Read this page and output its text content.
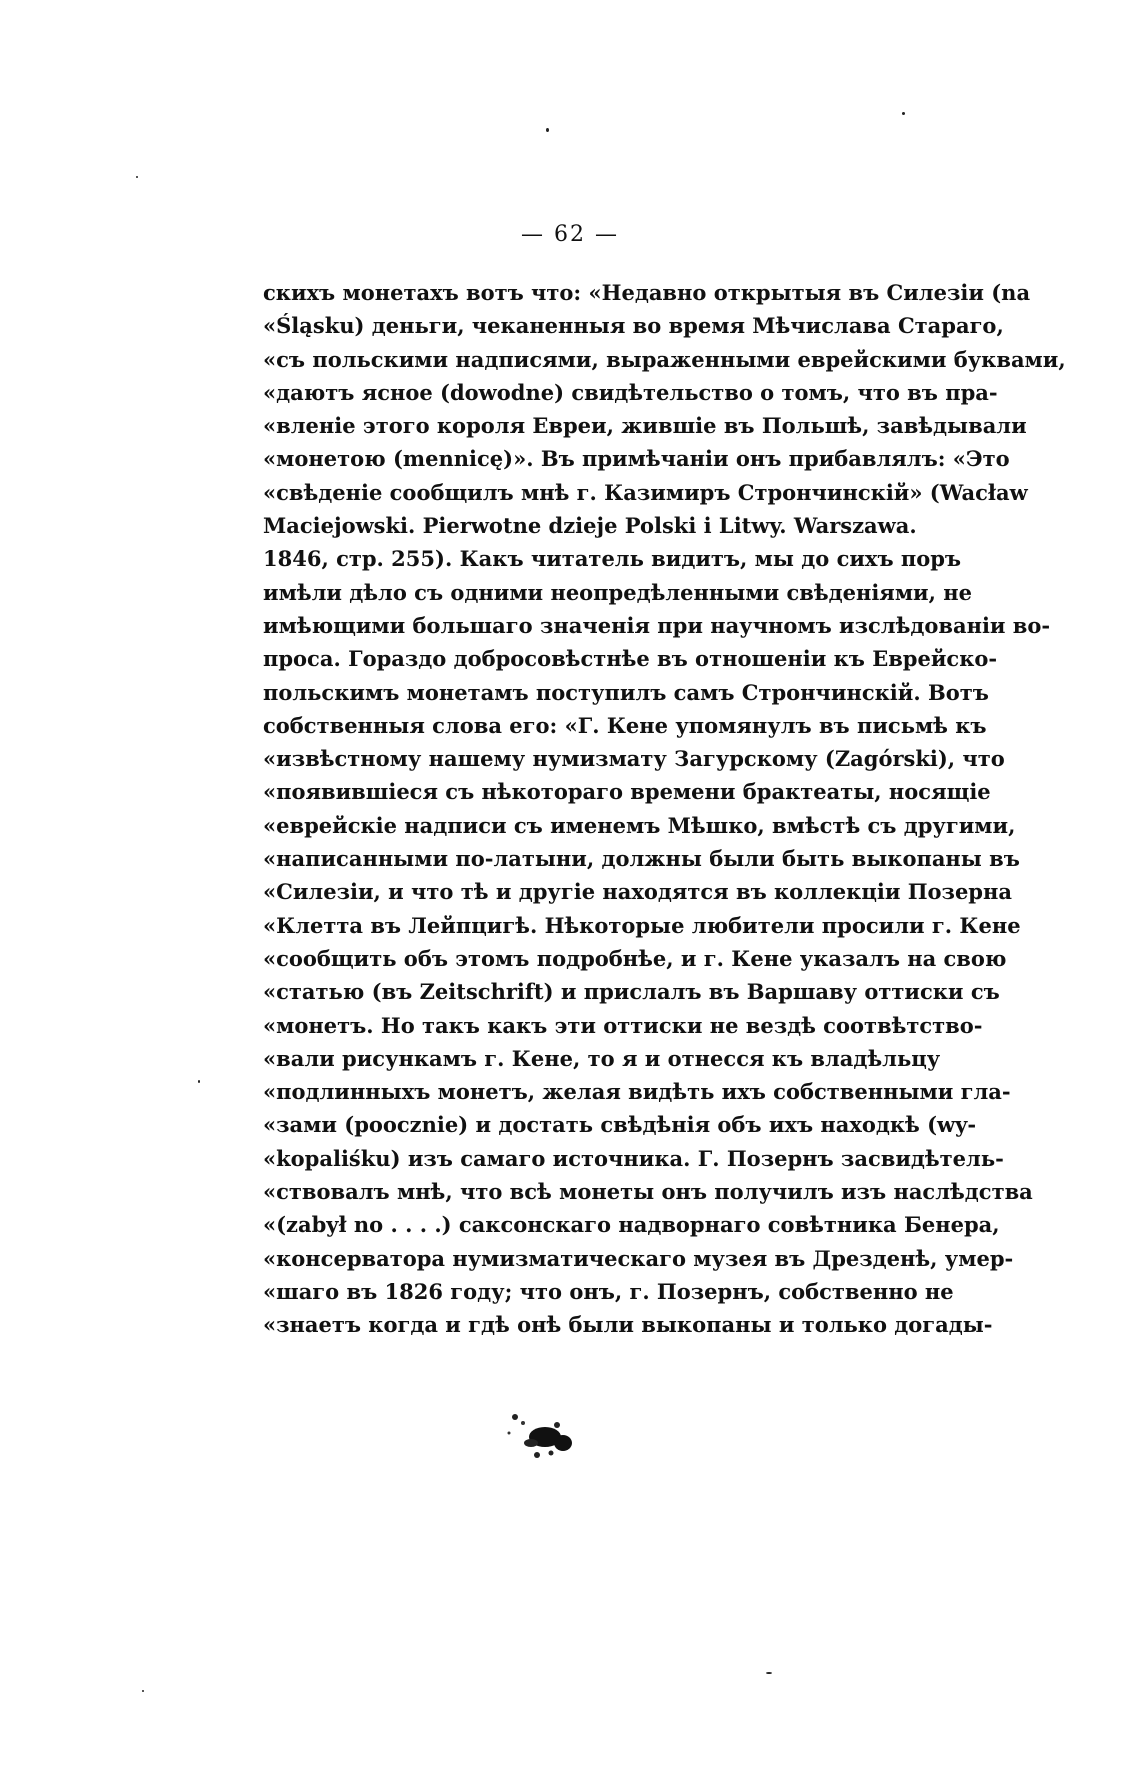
— 62 —
скихъ монетахъ вотъ что: «Недавно открытыя въ Силезіи (na
«Śląsku) деньги, чеканенныя во время Мѣчислава Стараго,
«съ польскими надписями, выраженными еврейскими буквами,
«даютъ ясное (dowodne) свидѣтельство о томъ, что въ пра-
«вленіе этого короля Евреи, жившіе въ Польшѣ, завѣдывали
«монетою (mennicę)». Въ примѣчаніи онъ прибавлялъ: «Это
«свѣденіе сообщилъ мнѣ г. Казимиръ Стрончинскій» (Wacław
Maciejowski. Pierwotne dzieje Polski i Litwy. Warszawa.
1846, стр. 255). Какъ читатель видитъ, мы до сихъ поръ
имѣли дѣло съ одними неопредѣленными свѣденіями, не
имѣющими большаго значенія при научномъ изслѣдованіи во-
проса. Гораздо добросовѣстнѣе въ отношеніи къ Еврейско-
польскимъ монетамъ поступилъ самъ Стрончинскій. Вотъ
собственныя слова его: «Г. Кене упомянулъ въ письмѣ къ
«извѣстному нашему нумизмату Загурскому (Zagórski), что
«появившіеся съ нѣкотораго времени брактеаты, носящіе
«еврейскіе надписи съ именемъ Мѣшко, вмѣстѣ съ другими,
«написанными по-латыни, должны были быть выкопаны въ
«Силезіи, и что тѣ и другіе находятся въ коллекціи Позерна
«Клетта въ Лейпцигѣ. Нѣкоторые любители просили г. Кене
«сообщить объ этомъ подробнѣе, и г. Кене указалъ на свою
«статью (въ Zeitschrift) и прислалъ въ Варшаву оттиски съ
«монетъ. Но такъ какъ эти оттиски не вездѣ соотвѣтство-
«вали рисункамъ г. Кене, то я и отнесся къ владѣльцу
«подлинныхъ монетъ, желая видѣть ихъ собственными гла-
«зами (pооcznie) и достать свѣдѣнія объ ихъ находкѣ (wy-
«kopaliśku) изъ самаго источника. Г. Позернъ засвидѣтель-
«ствовалъ мнѣ, что всѣ монеты онъ получилъ изъ наслѣдства
«(zabył no . . . .) саксонскаго надворнаго совѣтника Бенера,
«консерватора нумизматическаго музея въ Дрезденѣ, умер-
«шаго въ 1826 году; что онъ, г. Позернъ, собственно не
«знаетъ когда и гдѣ онѣ были выкопаны и только догады-
